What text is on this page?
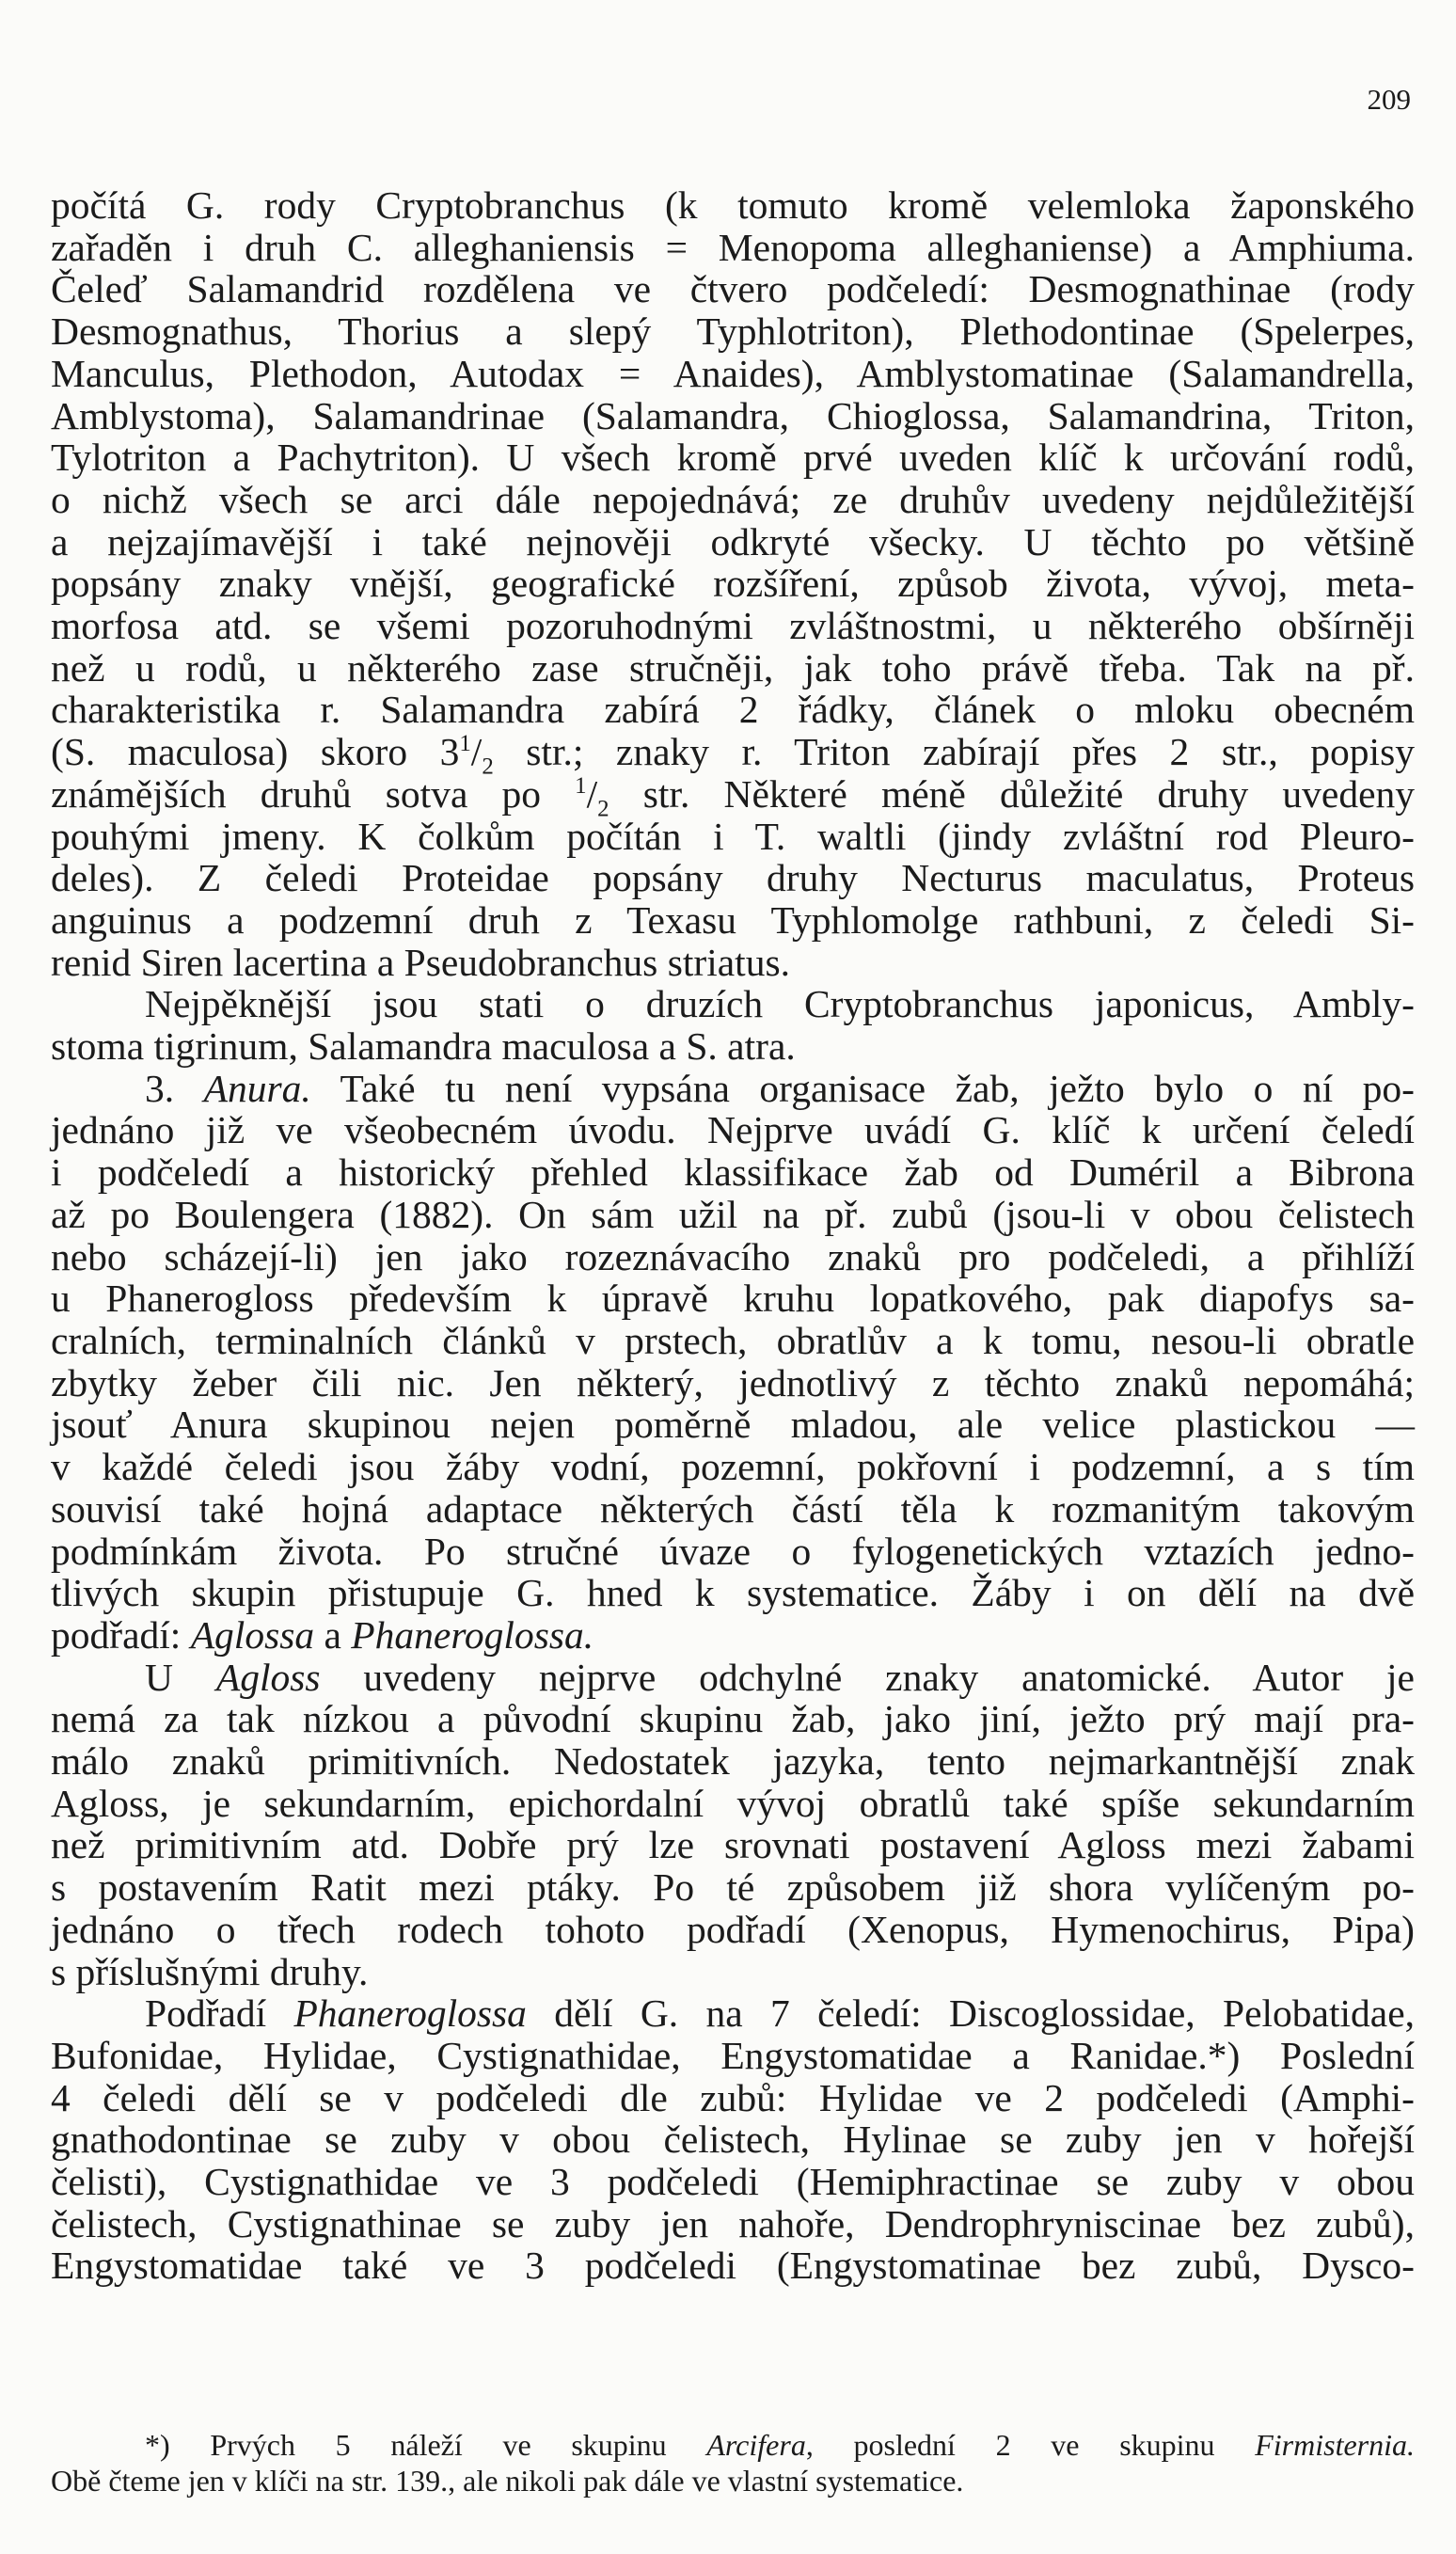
209
počítá G. rody Cryptobranchus (k tomuto kromě velemloka žaponského
zařaděn i druh C. alleghaniensis = Menopoma alleghaniense) a Amphiuma.
Čeleď Salamandrid rozdělena ve čtvero podčeledí: Desmognathinae (rody
Desmognathus, Thorius a slepý Typhlotriton), Plethodontinae (Spelerpes,
Manculus, Plethodon, Autodax = Anaides), Amblystomatinae (Salamandrella,
Amblystoma), Salamandrinae (Salamandra, Chioglossa, Salamandrina, Triton,
Tylotriton a Pachytriton). U všech kromě prvé uveden klíč k určování rodů,
o nichž všech se arci dále nepojednává; ze druhův uvedeny nejdůležitější
a nejzajímavější i také nejnověji odkryté všecky. U těchto po většině
popsány znaky vnější, geografické rozšíření, způsob života, vývoj, meta-
morfosa atd. se všemi pozoruhodnými zvláštnostmi, u některého obšírněji
než u rodů, u některého zase stručněji, jak toho právě třeba. Tak na př.
charakteristika r. Salamandra zabírá 2 řádky, článek o mloku obecném
(S. maculosa) skoro $3^1/_2$ str.; znaky r. Triton zabírají přes 2 str., popisy
známějších druhů sotva po $^1/_2$ str. Některé méně důležité druhy uvedeny
pouhými jmeny. K čolkům počítán i T. waltli (jindy zvláštní rod Pleuro-
deles). Z čeledi Proteidae popsány druhy Necturus maculatus, Proteus
anguinus a podzemní druh z Texasu Typhlomolge rathbuni, z čeledi Si-
renid Siren lacertina a Pseudobranchus striatus.
Nejpěknější jsou stati o druzích Cryptobranchus japonicus, Ambly-
stoma tigrinum, Salamandra maculosa a S. atra.
3. Anura. Také tu není vypsána organisace žab, ježto bylo o ní po-
jednáno již ve všeobecném úvodu. Nejprve uvádí G. klíč k určení čeledí
i podčeledí a historický přehled klassifikace žab od Duméril a Bibrona
až po Boulengera (1882). On sám užil na př. zubů (jsou-li v obou čelistech
nebo scházejí-li) jen jako rozeznávacího znaků pro podčeledi, a přihlíží
u Phanerogloss především k úpravě kruhu lopatkového, pak diapofys sa-
cralních, terminalních článků v prstech, obratlův a k tomu, nesou-li obratle
zbytky žeber čili nic. Jen některý, jednotlivý z těchto znaků nepomáhá;
jsouť Anura skupinou nejen poměrně mladou, ale velice plastickou —
v každé čeledi jsou žáby vodní, pozemní, pokřovní i podzemní, a s tím
souvisí také hojná adaptace některých částí těla k rozmanitým takovým
podmínkám života. Po stručné úvaze o fylogenetických vztazích jedno-
tlivých skupin přistupuje G. hned k systematice. Žáby i on dělí na dvě
podřadí: Aglossa a Phaneroglossa.
U Agloss uvedeny nejprve odchylné znaky anatomické. Autor je
nemá za tak nízkou a původní skupinu žab, jako jiní, ježto prý mají pra-
málo znaků primitivních. Nedostatek jazyka, tento nejmarkantnější znak
Agloss, je sekundarním, epichordalní vývoj obratlů také spíše sekundarním
než primitivním atd. Dobře prý lze srovnati postavení Agloss mezi žabami
s postavením Ratit mezi ptáky. Po té způsobem již shora vylíčeným po-
jednáno o třech rodech tohoto podřadí (Xenopus, Hymenochirus, Pipa)
s příslušnými druhy.
Podřadí Phaneroglossa dělí G. na 7 čeledí: Discoglossidae, Pelobatidae,
Bufonidae, Hylidae, Cystignathidae, Engystomatidae a Ranidae.*) Poslední
4 čeledi dělí se v podčeledi dle zubů: Hylidae ve 2 podčeledi (Amphi-
gnathodontinae se zuby v obou čelistech, Hylinae se zuby jen v hořejší
čelisti), Cystignathidae ve 3 podčeledi (Hemiphractinae se zuby v obou
čelistech, Cystignathinae se zuby jen nahoře, Dendrophryniscinae bez zubů),
Engystomatidae také ve 3 podčeledi (Engystomatinae bez zubů, Dysco-
*) Prvých 5 náleží ve skupinu Arcifera, poslední 2 ve skupinu Firmisternia.
Obě čteme jen v klíči na str. 139., ale nikoli pak dále ve vlastní systematice.
